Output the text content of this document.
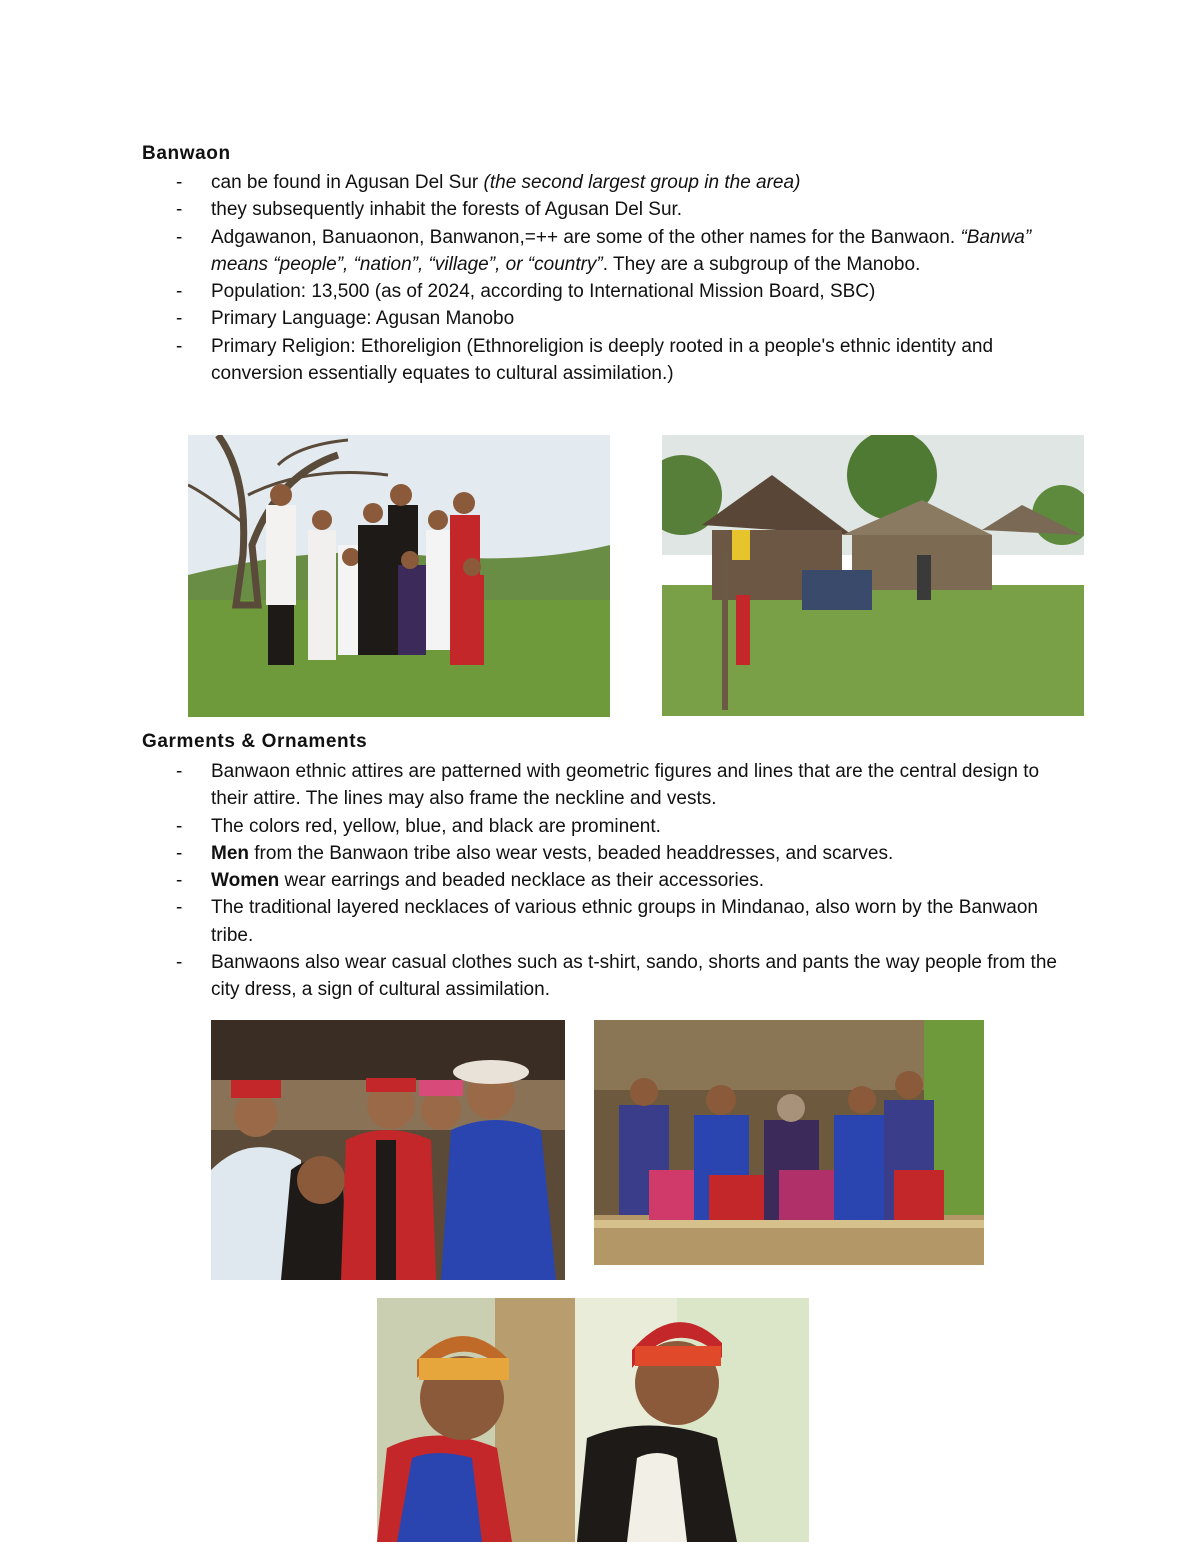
Banwaon
- can be found in Agusan Del Sur (the second largest group in the area)
- they subsequently inhabit the forests of Agusan Del Sur.
- Adgawanon, Banuaonon, Banwanon,=++ are some of the other names for the Banwaon. “Banwa” means “people”, “nation”, “village”, or “country”. They are a subgroup of the Manobo.
- Population: 13,500 (as of 2024, according to International Mission Board, SBC)
- Primary Language: Agusan Manobo
- Primary Religion: Ethoreligion (Ethnoreligion is deeply rooted in a people's ethnic identity and conversion essentially equates to cultural assimilation.)
Garments & Ornaments
- Banwaon ethnic attires are patterned with geometric figures and lines that are the central design to their attire. The lines may also frame the neckline and vests.
- The colors red, yellow, blue, and black are prominent.
- Men from the Banwaon tribe also wear vests, beaded headdresses, and scarves.
- Women wear earrings and beaded necklace as their accessories.
- The traditional layered necklaces of various ethnic groups in Mindanao, also worn by the Banwaon tribe.
- Banwaons also wear casual clothes such as t-shirt, sando, shorts and pants the way people from the city dress, a sign of cultural assimilation.
